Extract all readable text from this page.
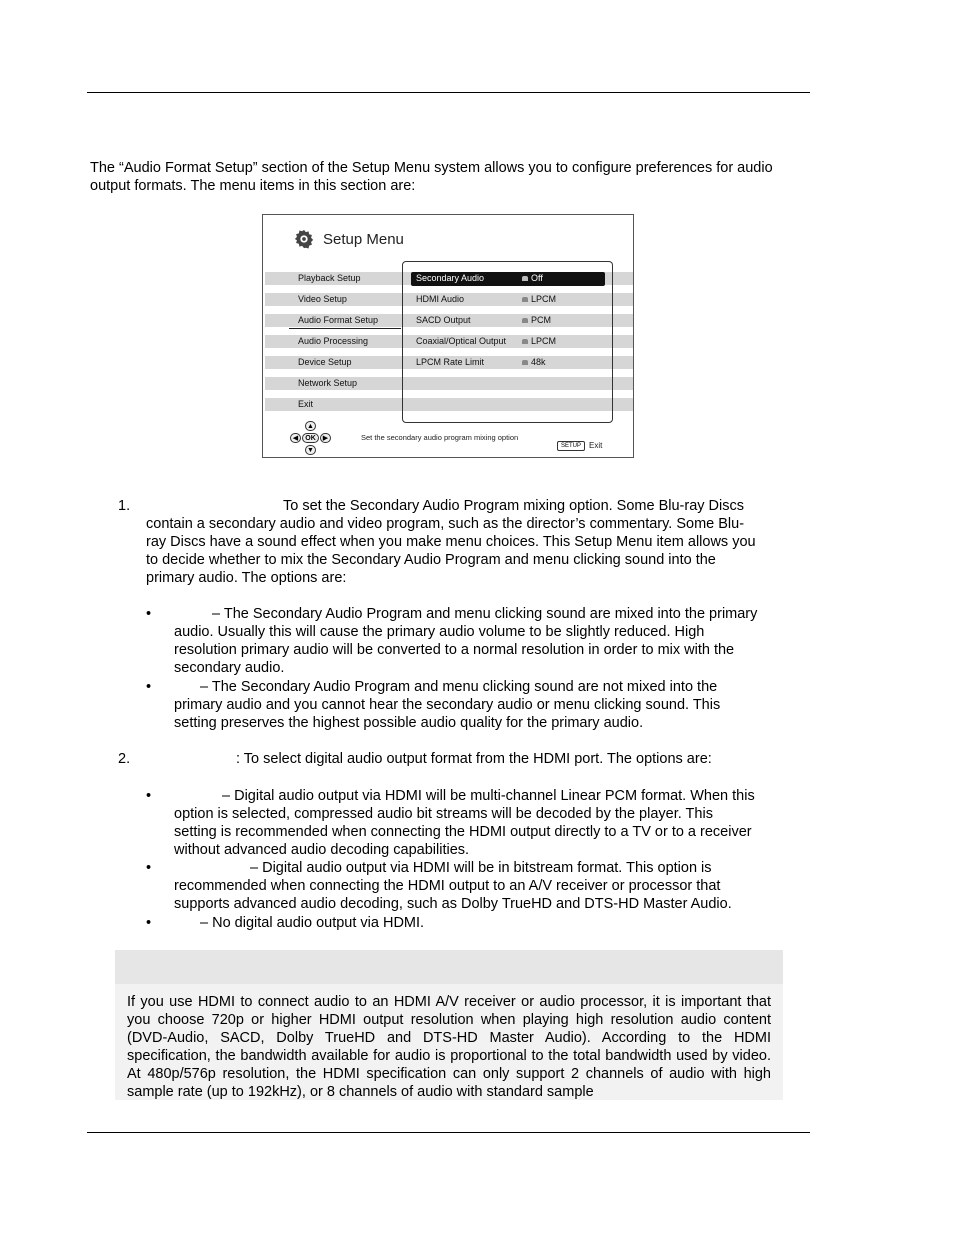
The “Audio Format Setup” section of the Setup Menu system allows you to configure preferences for audio output formats. The menu items in this section are:

Setup Menu
Playback Setup
Video Setup
Audio Format Setup
Audio Processing
Device Setup
Network Setup
Exit
Secondary Audio	Off
HDMI Audio	LPCM
SACD Output	PCM
Coaxial/Optical Output	LPCM
LPCM Rate Limit	48k
▲
◀	OK	▶
▼
Set the secondary audio program mixing option
SETUP	Exit
1.	To set the Secondary Audio Program mixing option. Some Blu-ray Discs

contain a secondary audio and video program, such as the director’s commentary. Some Blu-

ray Discs have a sound effect when you make menu choices. This Setup Menu item allows you

to decide whether to mix the Secondary Audio Program and menu clicking sound into the

primary audio. The options are:

•	– The Secondary Audio Program and menu clicking sound are mixed into the primary

audio. Usually this will cause the primary audio volume to be slightly reduced. High

resolution primary audio will be converted to a normal resolution in order to mix with the

secondary audio.

•	– The Secondary Audio Program and menu clicking sound are not mixed into the

primary audio and you cannot hear the secondary audio or menu clicking sound. This

setting preserves the highest possible audio quality for the primary audio.

2.	: To select digital audio output format from the HDMI port. The options are:

•	– Digital audio output via HDMI will be multi-channel Linear PCM format. When this

option is selected, compressed audio bit streams will be decoded by the player. This

setting is recommended when connecting the HDMI output directly to a TV or to a receiver

without advanced audio decoding capabilities.

•	– Digital audio output via HDMI will be in bitstream format. This option is

recommended when connecting the HDMI output to an A/V receiver or processor that

supports advanced audio decoding, such as Dolby TrueHD and DTS-HD Master Audio.

•	– No digital audio output via HDMI.

If you use HDMI to connect audio to an HDMI A/V receiver or audio processor, it is important that you choose 720p or higher HDMI output resolution when playing high resolution audio content (DVD-Audio, SACD, Dolby TrueHD and DTS-HD Master Audio). According to the HDMI specification, the bandwidth available for audio is proportional to the total bandwidth used by video. At 480p/576p resolution, the HDMI specification can only support 2 channels of audio with high sample rate (up to 192kHz), or 8 channels of audio with standard sample
